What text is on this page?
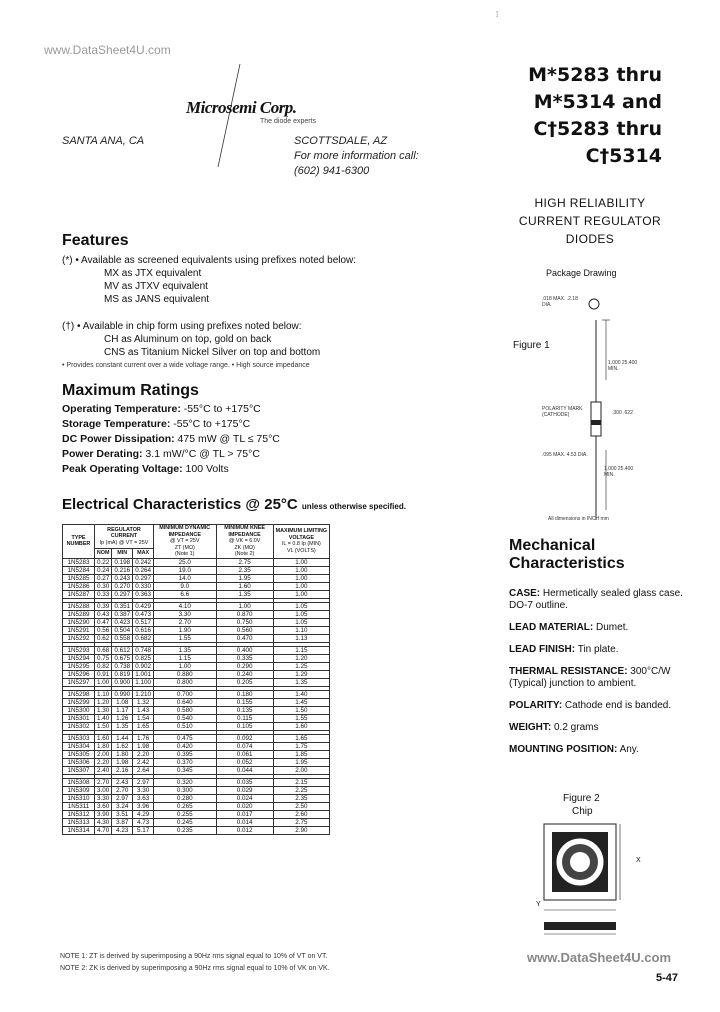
www.DataSheet4U.com
⁞
Microsemi Corp.
The diode experts
SANTA ANA, CA	SCOTTSDALE, AZ
For more information call:
(602) 941-6300
M*5283 thru
M*5314 and
C†5283 thru
C†5314
HIGH RELIABILITY
CURRENT REGULATOR
DIODES
Features
(*) • Available as screened equivalents using prefixes noted below:
MX as JTX equivalent
MV as JTXV equivalent
MS as JANS equivalent
(†) • Available in chip form using prefixes noted below:
CH as Aluminum on top, gold on back
CNS as Titanium Nickel Silver on top and bottom
• Provides constant current over a wide voltage range. • High source impedance
Maximum Ratings
Operating Temperature: -55°C to +175°C
Storage Temperature: -55°C to +175°C
DC Power Dissipation: 475 mW @ TL ≤ 75°C
Power Derating: 3.1 mW/°C @ TL > 75°C
Peak Operating Voltage: 100 Volts
Electrical Characteristics @ 25°C unless otherwise specified.
TYPE NUMBER	REGULATOR CURRENT
Ip (mA) @ VT = 25V			MINIMUM DYNAMIC IMPEDANCE
@ VT = 25V
ZT (MΩ)
(Note 1)	MINIMUM KNEE IMPEDANCE
@ VK = 6.0V
ZK (MΩ)
(Note 2)	MAXIMUM LIMITING VOLTAGE
IL = 0.8 Ip (MIN)
VL (VOLTS)
	NOM	MIN	MAX			
1N5283	0.22	0.198	0.242	25.0	2.75	1.00
1N5284	0.24	0.216	0.264	19.0	2.35	1.00
1N5285	0.27	0.243	0.297	14.0	1.95	1.00
1N5286	0.30	0.270	0.330	9.0	1.60	1.00
1N5287	0.33	0.297	0.363	6.6	1.35	1.00

1N5288	0.39	0.351	0.429	4.10	1.00	1.05
1N5289	0.43	0.387	0.473	3.30	0.870	1.05
1N5290	0.47	0.423	0.517	2.70	0.750	1.05
1N5291	0.56	0.504	0.616	1.90	0.560	1.10
1N5292	0.62	0.558	0.682	1.55	0.470	1.13

1N5293	0.68	0.612	0.748	1.35	0.400	1.15
1N5294	0.75	0.675	0.825	1.15	0.335	1.20
1N5295	0.82	0.738	0.902	1.00	0.290	1.25
1N5296	0.91	0.819	1.001	0.880	0.240	1.29
1N5297	1.00	0.900	1.100	0.800	0.205	1.35

1N5298	1.10	0.990	1.210	0.700	0.180	1.40
1N5299	1.20	1.08	1.32	0.640	0.155	1.45
1N5300	1.30	1.17	1.43	0.580	0.135	1.50
1N5301	1.40	1.26	1.54	0.540	0.115	1.55
1N5302	1.50	1.35	1.65	0.510	0.105	1.60

1N5303	1.60	1.44	1.76	0.475	0.092	1.65
1N5304	1.80	1.62	1.98	0.420	0.074	1.75
1N5305	2.00	1.80	2.20	0.395	0.061	1.85
1N5306	2.20	1.98	2.42	0.370	0.052	1.95
1N5307	2.40	2.16	2.64	0.345	0.044	2.00

1N5308	2.70	2.43	2.97	0.320	0.035	2.15
1N5309	3.00	2.70	3.30	0.300	0.029	2.25
1N5310	3.30	2.97	3.63	0.280	0.024	2.35
1N5311	3.60	3.24	3.96	0.265	0.020	2.50
1N5312	3.90	3.51	4.29	0.255	0.017	2.60
1N5313	4.30	3.87	4.73	0.245	0.014	2.75
1N5314	4.70	4.23	5.17	0.235	0.012	2.90
NOTE 1: ZT is derived by superimposing a 90Hz rms signal equal to 10% of VT on VT.
NOTE 2: ZK is derived by superimposing a 90Hz rms signal equal to 10% of VK on VK.
Package Drawing
Figure 1
.018 MAX. .2.18 DIA.
1.000 25.400 MIN.
POLARITY MARK (CATHODE)	.300 .622
.095 MAX. 4.53 DIA.
1.000 25.400 MIN.
All dimensions in INCH mm
Mechanical
Characteristics
CASE: Hermetically sealed glass case. DO-7 outline.
LEAD MATERIAL: Dumet.
LEAD FINISH: Tin plate.
THERMAL RESISTANCE: 300°C/W (Typical) junction to ambient.
POLARITY: Cathode end is banded.
WEIGHT: 0.2 grams
MOUNTING POSITION: Any.
Figure 2
Chip
X
Y
www.DataSheet4U.com
5-47
